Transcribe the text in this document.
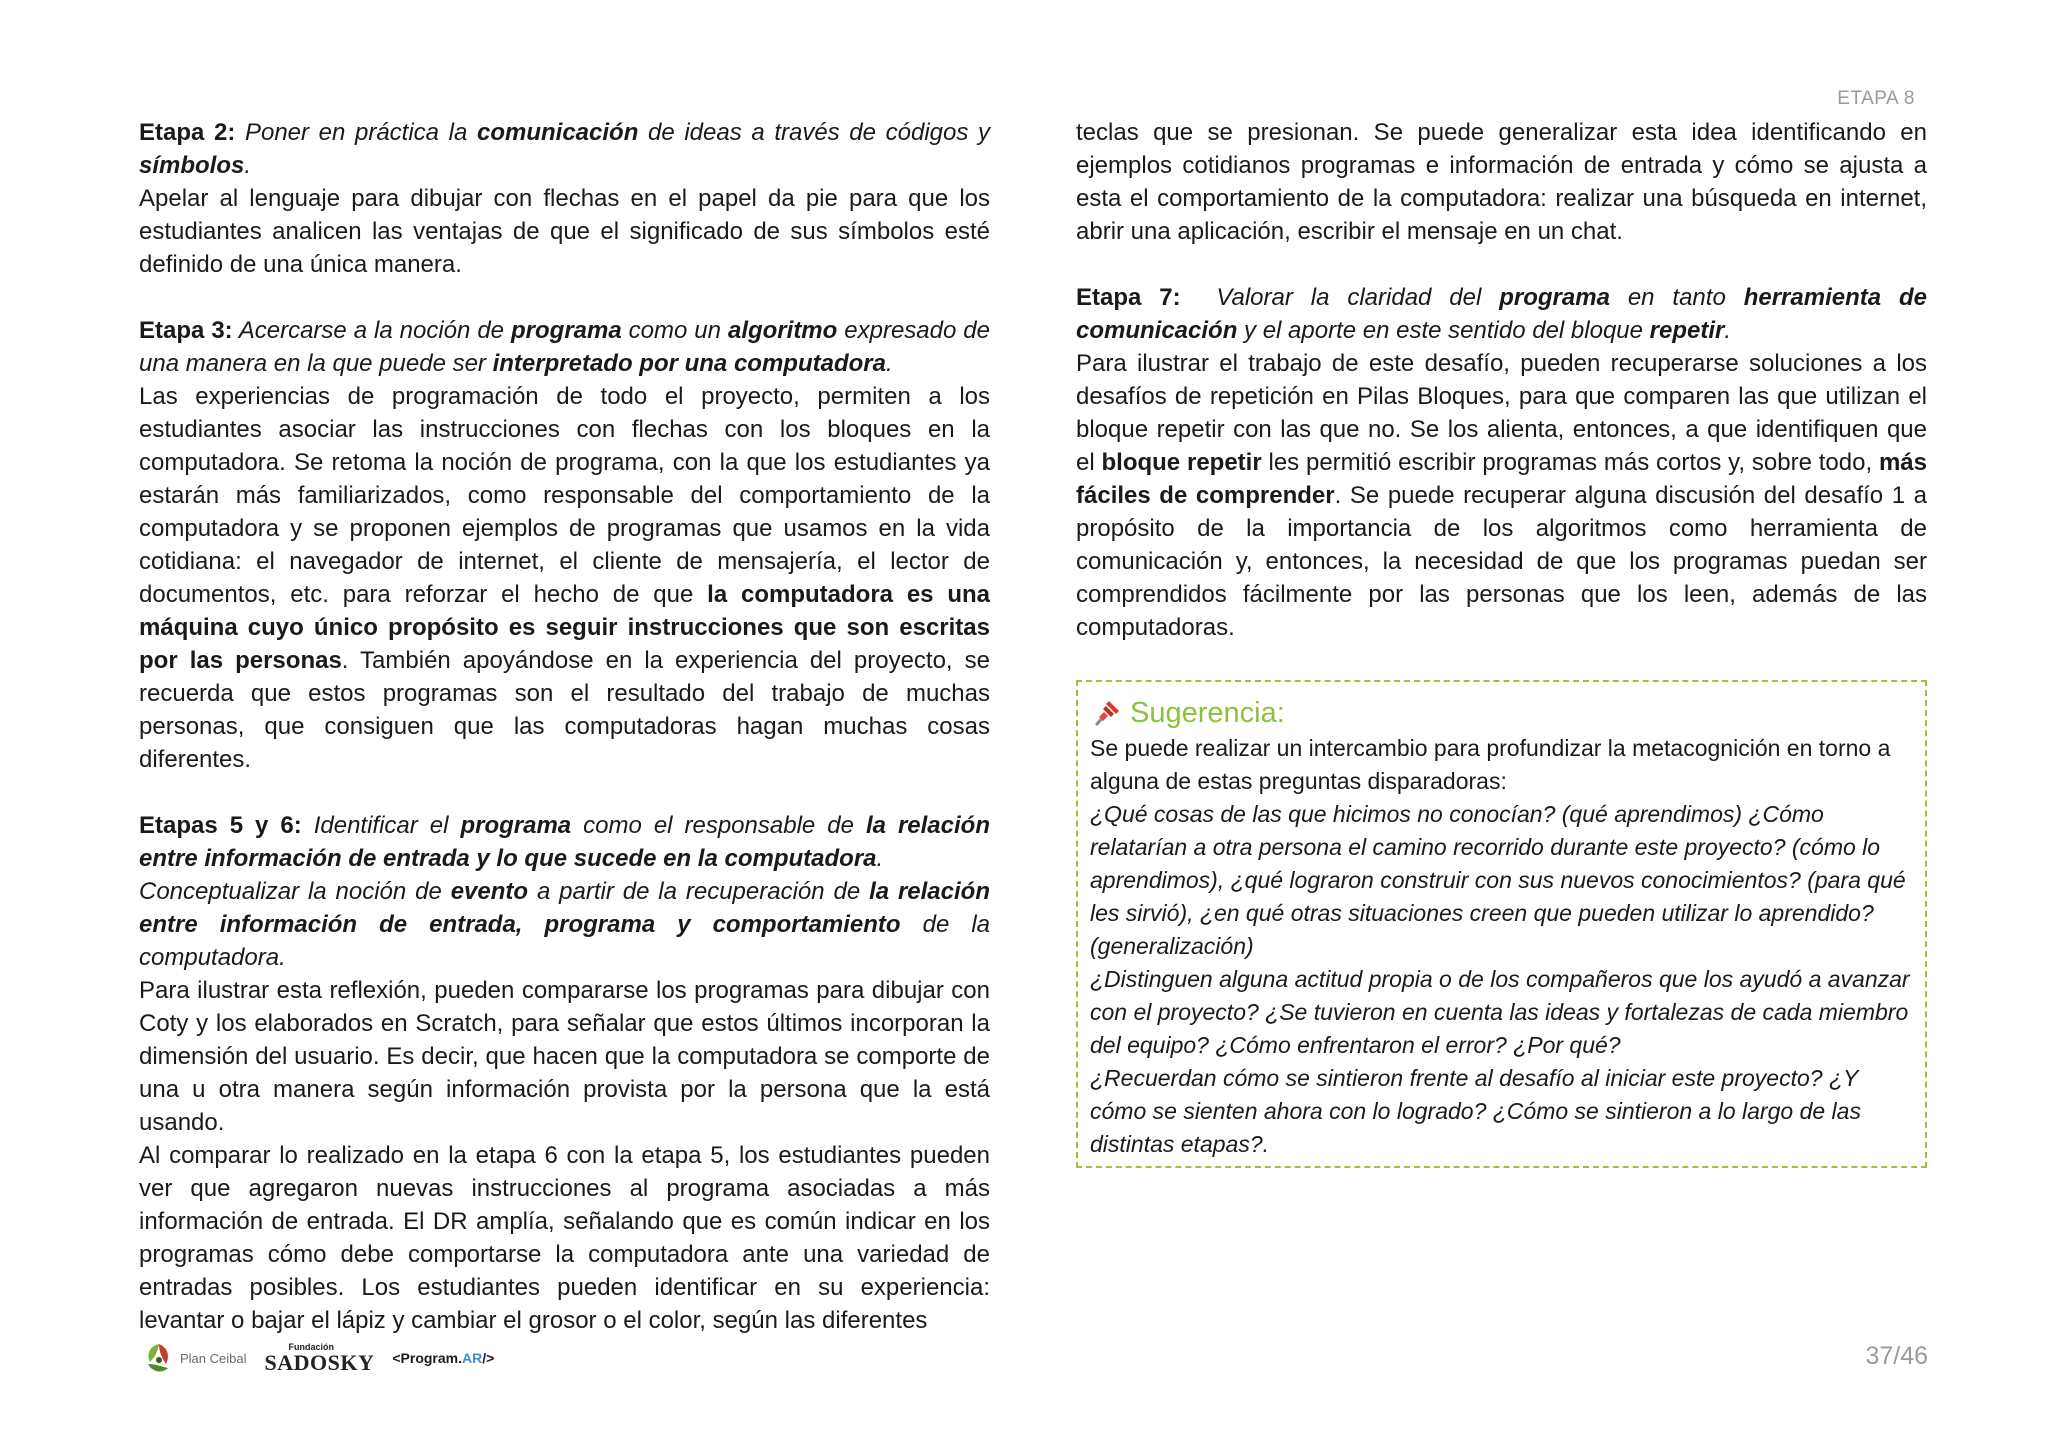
ETAPA 8

Etapa 2: Poner en práctica la comunicación de ideas a través de códigos y símbolos.

Apelar al lenguaje para dibujar con flechas en el papel da pie para que los estudiantes analicen las ventajas de que el significado de sus símbolos esté definido de una única manera.

Etapa 3: Acercarse a la noción de programa como un algoritmo expresado de una manera en la que puede ser interpretado por una computadora.

Las experiencias de programación de todo el proyecto, permiten a los estudiantes asociar las instrucciones con flechas con los bloques en la computadora. Se retoma la noción de programa, con la que los estudiantes ya estarán más familiarizados, como responsable del comportamiento de la computadora y se proponen ejemplos de programas que usamos en la vida cotidiana: el navegador de internet, el cliente de mensajería, el lector de documentos, etc. para reforzar el hecho de que la computadora es una máquina cuyo único propósito es seguir instrucciones que son escritas por las personas. También apoyándose en la experiencia del proyecto, se recuerda que estos programas son el resultado del trabajo de muchas personas, que consiguen que las computadoras hagan muchas cosas diferentes.

Etapas 5 y 6: Identificar el programa como el responsable de la relación entre información de entrada y lo que sucede en la computadora.

Conceptualizar la noción de evento a partir de la recuperación de la relación entre información de entrada, programa y comportamiento de la computadora.

Para ilustrar esta reflexión, pueden compararse los programas para dibujar con Coty y los elaborados en Scratch, para señalar que estos últimos incorporan la dimensión del usuario. Es decir, que hacen que la computadora se comporte de una u otra manera según información provista por la persona que la está usando.

Al comparar lo realizado en la etapa 6 con la etapa 5, los estudiantes pueden ver que agregaron nuevas instrucciones al programa asociadas a más información de entrada. El DR amplía, señalando que es común indicar en los programas cómo debe comportarse la computadora ante una variedad de entradas posibles. Los estudiantes pueden identificar en su experiencia: levantar o bajar el lápiz y cambiar el grosor o el color, según las diferentes

teclas que se presionan. Se puede generalizar esta idea identificando en ejemplos cotidianos programas e información de entrada y cómo se ajusta a esta el comportamiento de la computadora: realizar una búsqueda en internet, abrir una aplicación, escribir el mensaje en un chat.

Etapa 7:  Valorar la claridad del programa en tanto herramienta de comunicación y el aporte en este sentido del bloque repetir.

Para ilustrar el trabajo de este desafío, pueden recuperarse soluciones a los desafíos de repetición en Pilas Bloques, para que comparen las que utilizan el bloque repetir con las que no. Se los alienta, entonces, a que identifiquen que el bloque repetir les permitió escribir programas más cortos y, sobre todo, más fáciles de comprender. Se puede recuperar alguna discusión del desafío 1 a propósito de la importancia de los algoritmos como herramienta de comunicación y, entonces, la necesidad de que los programas puedan ser comprendidos fácilmente por las personas que los leen, además de las computadoras.

Sugerencia:

Se puede realizar un intercambio para profundizar la metacognición en torno a alguna de estas preguntas disparadoras:

¿Qué cosas de las que hicimos no conocían? (qué aprendimos) ¿Cómo relatarían a otra persona el camino recorrido durante este proyecto? (cómo lo aprendimos), ¿qué lograron construir con sus nuevos conocimientos? (para qué les sirvió), ¿en qué otras situaciones creen que pueden utilizar lo aprendido? (generalización)

¿Distinguen alguna actitud propia o de los compañeros que los ayudó a avanzar con el proyecto? ¿Se tuvieron en cuenta las ideas y fortalezas de cada miembro del equipo? ¿Cómo enfrentaron el error? ¿Por qué?

¿Recuerdan cómo se sintieron frente al desafío al iniciar este proyecto? ¿Y cómo se sienten ahora con lo logrado? ¿Cómo se sintieron a lo largo de las distintas etapas?.

Plan Ceibal
Fundación
SADOSKY <Program.AR/>	37/46
